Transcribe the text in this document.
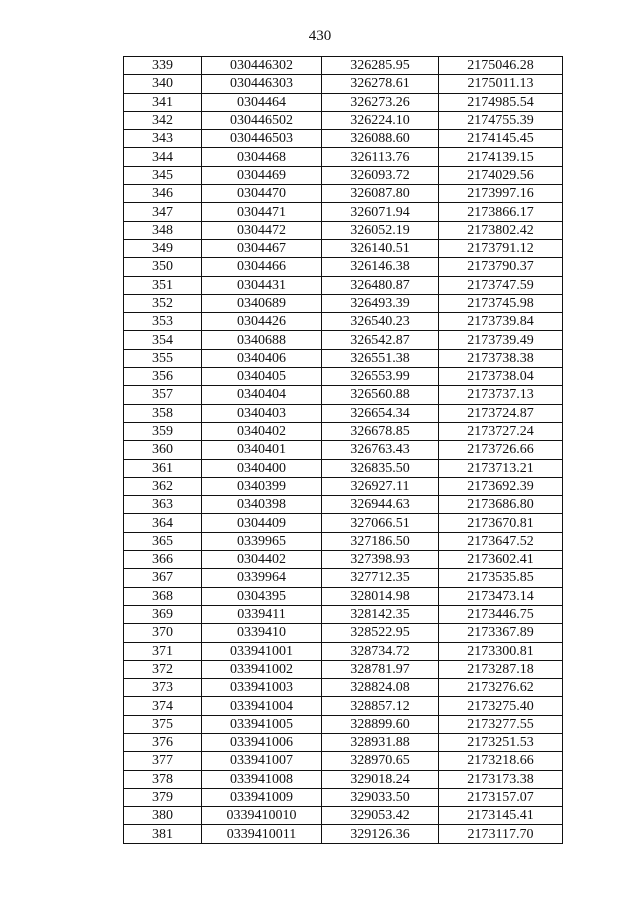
430
339	030446302	326285.95	2175046.28
340	030446303	326278.61	2175011.13
341	0304464	326273.26	2174985.54
342	030446502	326224.10	2174755.39
343	030446503	326088.60	2174145.45
344	0304468	326113.76	2174139.15
345	0304469	326093.72	2174029.56
346	0304470	326087.80	2173997.16
347	0304471	326071.94	2173866.17
348	0304472	326052.19	2173802.42
349	0304467	326140.51	2173791.12
350	0304466	326146.38	2173790.37
351	0304431	326480.87	2173747.59
352	0340689	326493.39	2173745.98
353	0304426	326540.23	2173739.84
354	0340688	326542.87	2173739.49
355	0340406	326551.38	2173738.38
356	0340405	326553.99	2173738.04
357	0340404	326560.88	2173737.13
358	0340403	326654.34	2173724.87
359	0340402	326678.85	2173727.24
360	0340401	326763.43	2173726.66
361	0340400	326835.50	2173713.21
362	0340399	326927.11	2173692.39
363	0340398	326944.63	2173686.80
364	0304409	327066.51	2173670.81
365	0339965	327186.50	2173647.52
366	0304402	327398.93	2173602.41
367	0339964	327712.35	2173535.85
368	0304395	328014.98	2173473.14
369	0339411	328142.35	2173446.75
370	0339410	328522.95	2173367.89
371	033941001	328734.72	2173300.81
372	033941002	328781.97	2173287.18
373	033941003	328824.08	2173276.62
374	033941004	328857.12	2173275.40
375	033941005	328899.60	2173277.55
376	033941006	328931.88	2173251.53
377	033941007	328970.65	2173218.66
378	033941008	329018.24	2173173.38
379	033941009	329033.50	2173157.07
380	0339410010	329053.42	2173145.41
381	0339410011	329126.36	2173117.70
